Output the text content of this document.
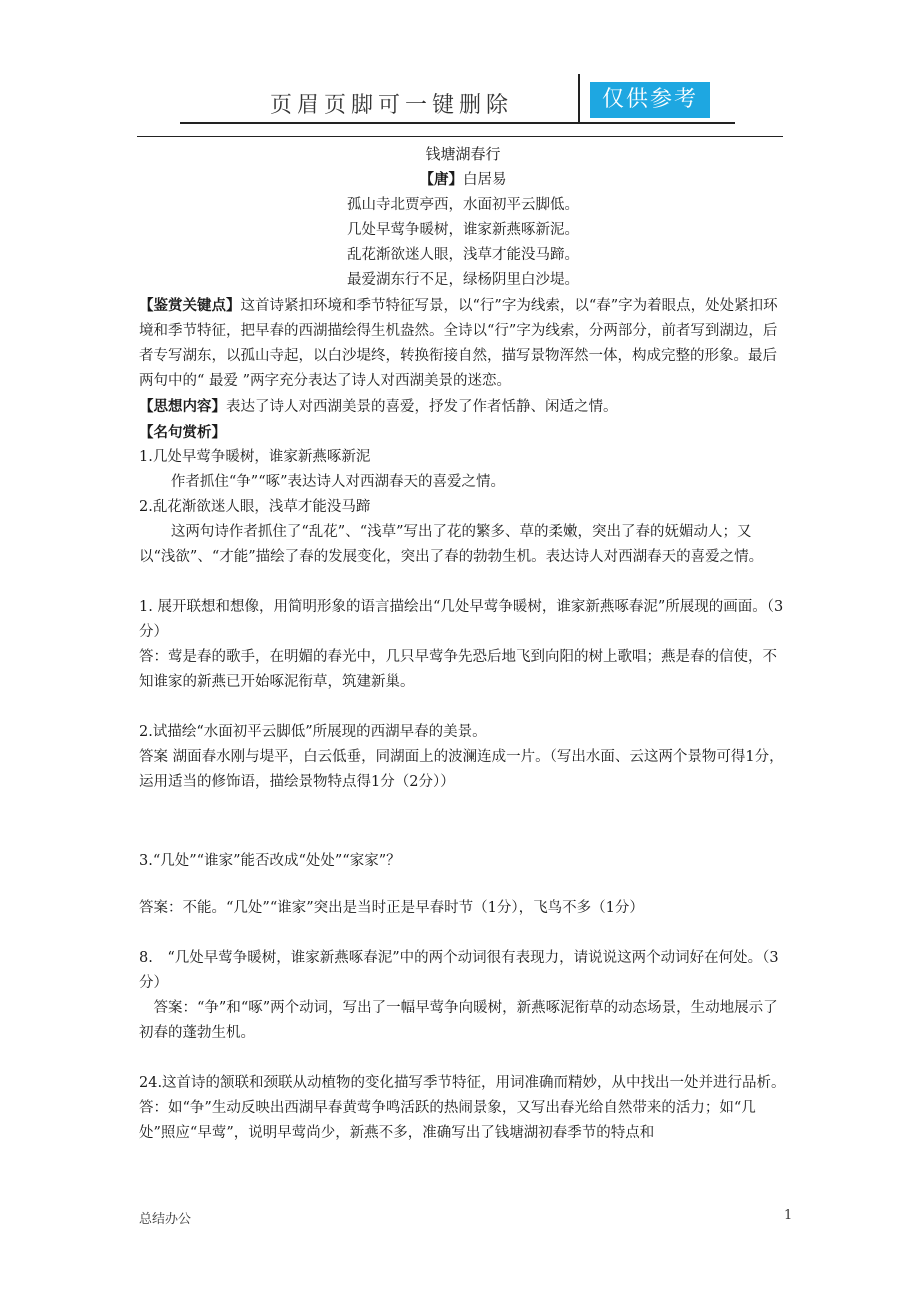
页眉页脚可一键删除	仅供参考

钱塘湖春行

【唐】白居易

孤山寺北贾亭西，水面初平云脚低。
几处早莺争暖树，谁家新燕啄新泥。
乱花渐欲迷人眼，浅草才能没马蹄。
最爱湖东行不足，绿杨阴里白沙堤。

【鉴赏关键点】这首诗紧扣环境和季节特征写景，以“行”字为线索，以“春”字为着眼点，处处紧扣环境和季节特征，把早春的西湖描绘得生机盎然。全诗以“行”字为线索，分两部分，前者写到湖边，后者专写湖东，以孤山寺起，以白沙堤终，转换衔接自然，描写景物浑然一体，构成完整的形象。最后两句中的“ 最爱 ”两字充分表达了诗人对西湖美景的迷恋。

【思想内容】表达了诗人对西湖美景的喜爱，抒发了作者恬静、闲适之情。

【名句赏析】

1.几处早莺争暖树，谁家新燕啄新泥

作者抓住“争”“啄”表达诗人对西湖春天的喜爱之情。

2.乱花渐欲迷人眼，浅草才能没马蹄

这两句诗作者抓住了“乱花”、“浅草”写出了花的繁多、草的柔嫩，突出了春的妩媚动人；又以“浅欲”、“才能”描绘了春的发展变化，突出了春的勃勃生机。表达诗人对西湖春天的喜爱之情。

1. 展开联想和想像，用简明形象的语言描绘出“几处早莺争暖树，谁家新燕啄春泥”所展现的画面。（3分）

答：莺是春的歌手，在明媚的春光中，几只早莺争先恐后地飞到向阳的树上歌唱；燕是春的信使，不知谁家的新燕已开始啄泥衔草，筑建新巢。

2.试描绘“水面初平云脚低”所展现的西湖早春的美景。

答案 湖面春水刚与堤平，白云低垂，同湖面上的波澜连成一片。（写出水面、云这两个景物可得1分，运用适当的修饰语，描绘景物特点得1分（2分））

3.“几处”“谁家”能否改成“处处”“家家”？

答案：不能。“几处”“谁家”突出是当时正是早春时节（1分），飞鸟不多（1分）

8.　“几处早莺争暖树，谁家新燕啄春泥”中的两个动词很有表现力，请说说这两个动词好在何处。（3分）

答案：“争”和“啄”两个动词，写出了一幅早莺争向暖树，新燕啄泥衔草的动态场景，生动地展示了初春的蓬勃生机。

24.这首诗的颔联和颈联从动植物的变化描写季节特征，用词准确而精妙，从中找出一处并进行品析。

答：如“争”生动反映出西湖早春黄莺争鸣活跃的热闹景象，又写出春光给自然带来的活力；如“几处”照应“早莺”，说明早莺尚少，新燕不多，准确写出了钱塘湖初春季节的特点和

总结办公	1
